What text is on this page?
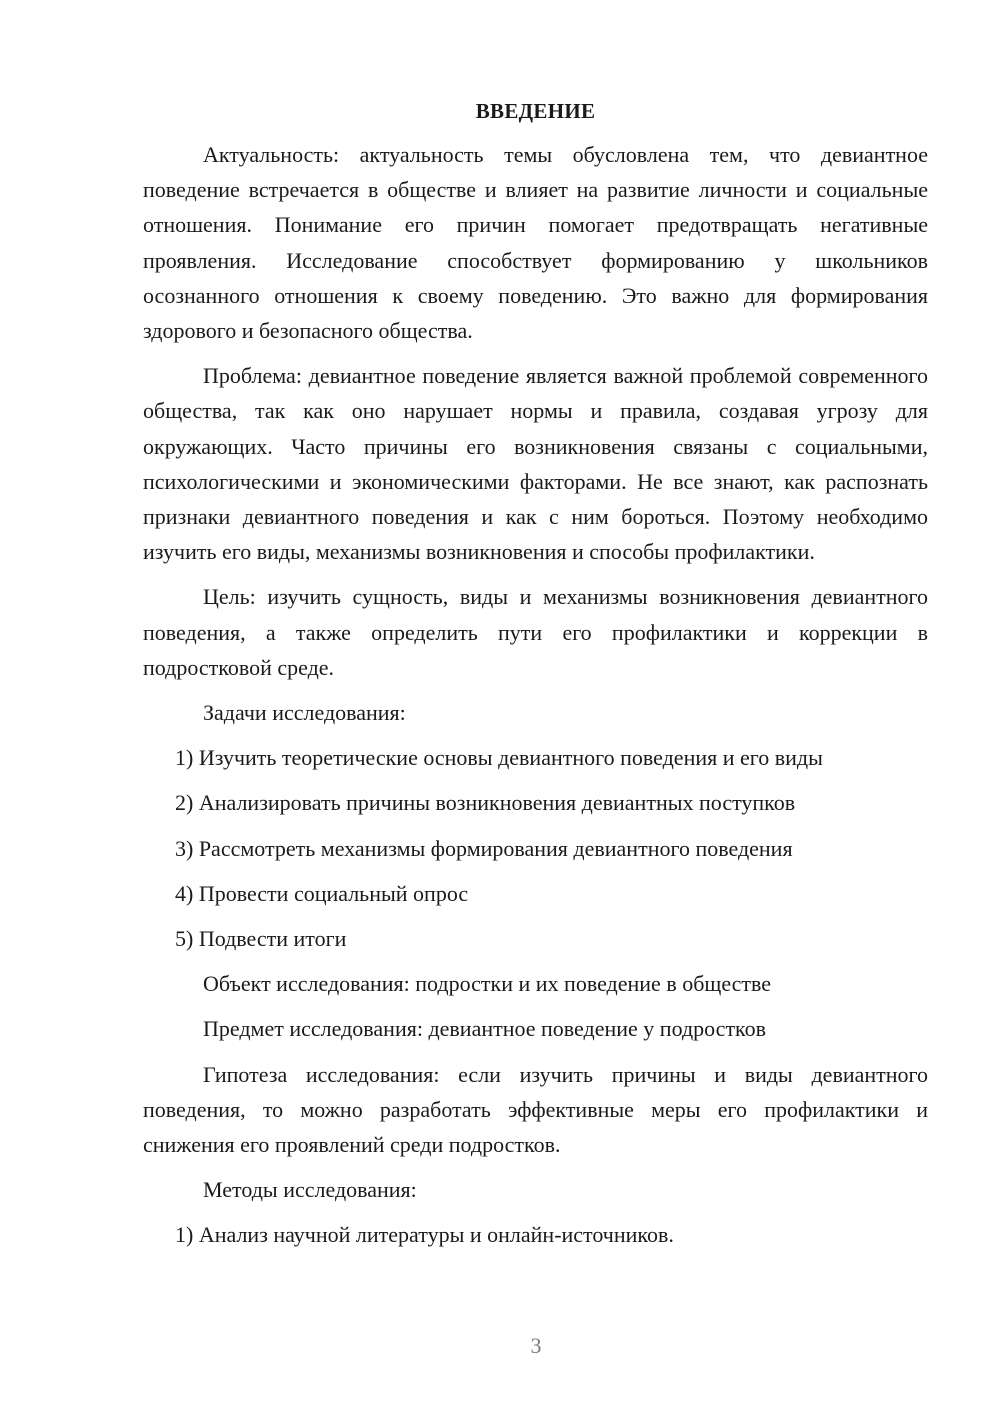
ВВЕДЕНИЕ
Актуальность: актуальность темы обусловлена тем, что девиантное поведение встречается в обществе и влияет на развитие личности и социальные отношения. Понимание его причин помогает предотвращать негативные проявления. Исследование способствует формированию у школьников осознанного отношения к своему поведению. Это важно для формирования здорового и безопасного общества.
Проблема: девиантное поведение является важной проблемой современного общества, так как оно нарушает нормы и правила, создавая угрозу для окружающих. Часто причины его возникновения связаны с социальными, психологическими и экономическими факторами. Не все знают, как распознать признаки девиантного поведения и как с ним бороться. Поэтому необходимо изучить его виды, механизмы возникновения и способы профилактики.
Цель: изучить сущность, виды и механизмы возникновения девиантного поведения, а также определить пути его профилактики и коррекции в подростковой среде.
Задачи исследования:
1) Изучить теоретические основы девиантного поведения и его виды
2) Анализировать причины возникновения девиантных поступков
3) Рассмотреть механизмы формирования девиантного поведения
4) Провести социальный опрос
5) Подвести итоги
Объект исследования: подростки и их поведение в обществе
Предмет исследования: девиантное поведение у подростков
Гипотеза исследования: если изучить причины и виды девиантного поведения, то можно разработать эффективные меры его профилактики и снижения его проявлений среди подростков.
Методы исследования:
1) Анализ научной литературы и онлайн-источников.
3
